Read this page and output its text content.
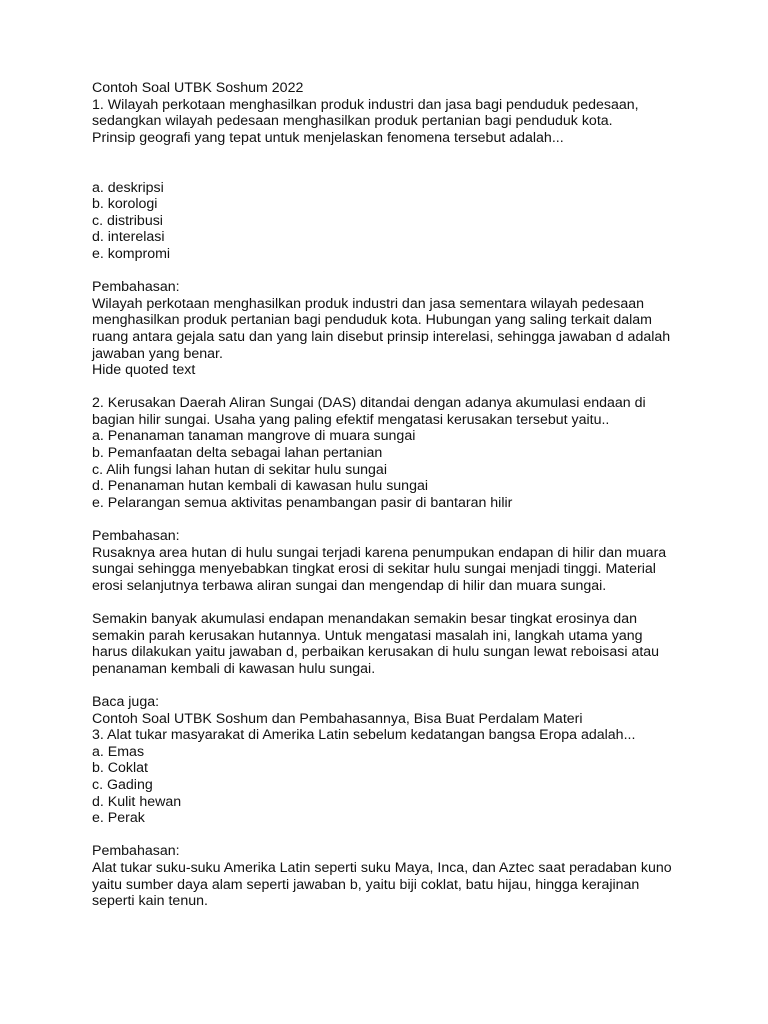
Contoh Soal UTBK Soshum 2022
1. Wilayah perkotaan menghasilkan produk industri dan jasa bagi penduduk pedesaan,
sedangkan wilayah pedesaan menghasilkan produk pertanian bagi penduduk kota.
Prinsip geografi yang tepat untuk menjelaskan fenomena tersebut adalah...
a. deskripsi
b. korologi
c. distribusi
d. interelasi
e. kompromi
Pembahasan:
Wilayah perkotaan menghasilkan produk industri dan jasa sementara wilayah pedesaan
menghasilkan produk pertanian bagi penduduk kota. Hubungan yang saling terkait dalam
ruang antara gejala satu dan yang lain disebut prinsip interelasi, sehingga jawaban d adalah
jawaban yang benar.
Hide quoted text
2. Kerusakan Daerah Aliran Sungai (DAS) ditandai dengan adanya akumulasi endaan di
bagian hilir sungai. Usaha yang paling efektif mengatasi kerusakan tersebut yaitu..
a. Penanaman tanaman mangrove di muara sungai
b. Pemanfaatan delta sebagai lahan pertanian
c. Alih fungsi lahan hutan di sekitar hulu sungai
d. Penanaman hutan kembali di kawasan hulu sungai
e. Pelarangan semua aktivitas penambangan pasir di bantaran hilir
Pembahasan:
Rusaknya area hutan di hulu sungai terjadi karena penumpukan endapan di hilir dan muara
sungai sehingga menyebabkan tingkat erosi di sekitar hulu sungai menjadi tinggi. Material
erosi selanjutnya terbawa aliran sungai dan mengendap di hilir dan muara sungai.
Semakin banyak akumulasi endapan menandakan semakin besar tingkat erosinya dan
semakin parah kerusakan hutannya. Untuk mengatasi masalah ini, langkah utama yang
harus dilakukan yaitu jawaban d, perbaikan kerusakan di hulu sungan lewat reboisasi atau
penanaman kembali di kawasan hulu sungai.
Baca juga:
Contoh Soal UTBK Soshum dan Pembahasannya, Bisa Buat Perdalam Materi
3. Alat tukar masyarakat di Amerika Latin sebelum kedatangan bangsa Eropa adalah...
a. Emas
b. Coklat
c. Gading
d. Kulit hewan
e. Perak
Pembahasan:
Alat tukar suku-suku Amerika Latin seperti suku Maya, Inca, dan Aztec saat peradaban kuno
yaitu sumber daya alam seperti jawaban b, yaitu biji coklat, batu hijau, hingga kerajinan
seperti kain tenun.
